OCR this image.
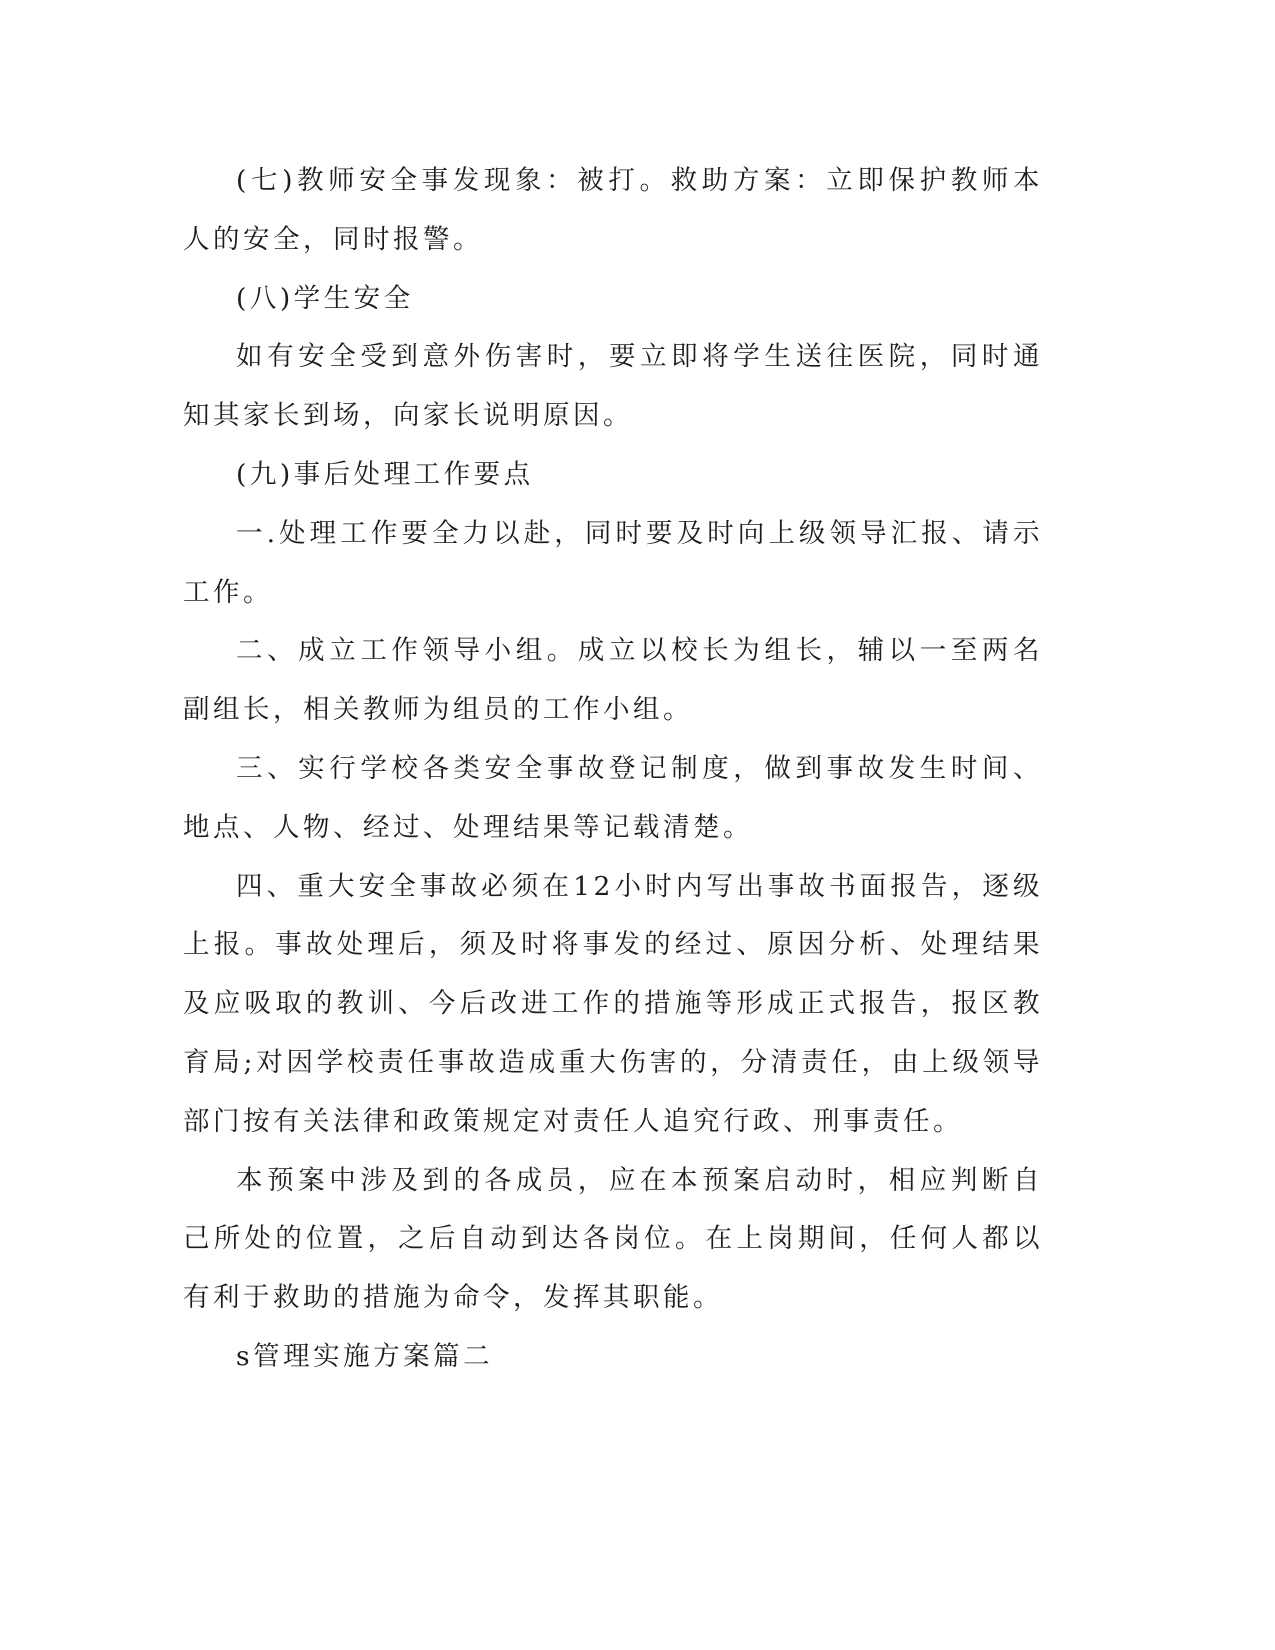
(七)教师安全事发现象：被打。救助方案：立即保护教师本人的安全，同时报警。

(八)学生安全

如有安全受到意外伤害时，要立即将学生送往医院，同时通知其家长到场，向家长说明原因。

(九)事后处理工作要点

一.处理工作要全力以赴，同时要及时向上级领导汇报、请示工作。

二、成立工作领导小组。成立以校长为组长，辅以一至两名副组长，相关教师为组员的工作小组。

三、实行学校各类安全事故登记制度，做到事故发生时间、地点、人物、经过、处理结果等记载清楚。

四、重大安全事故必须在12小时内写出事故书面报告，逐级上报。事故处理后，须及时将事发的经过、原因分析、处理结果及应吸取的教训、今后改进工作的措施等形成正式报告，报区教育局;对因学校责任事故造成重大伤害的，分清责任，由上级领导部门按有关法律和政策规定对责任人追究行政、刑事责任。

本预案中涉及到的各成员，应在本预案启动时，相应判断自己所处的位置，之后自动到达各岗位。在上岗期间，任何人都以有利于救助的措施为命令，发挥其职能。

s管理实施方案篇二
